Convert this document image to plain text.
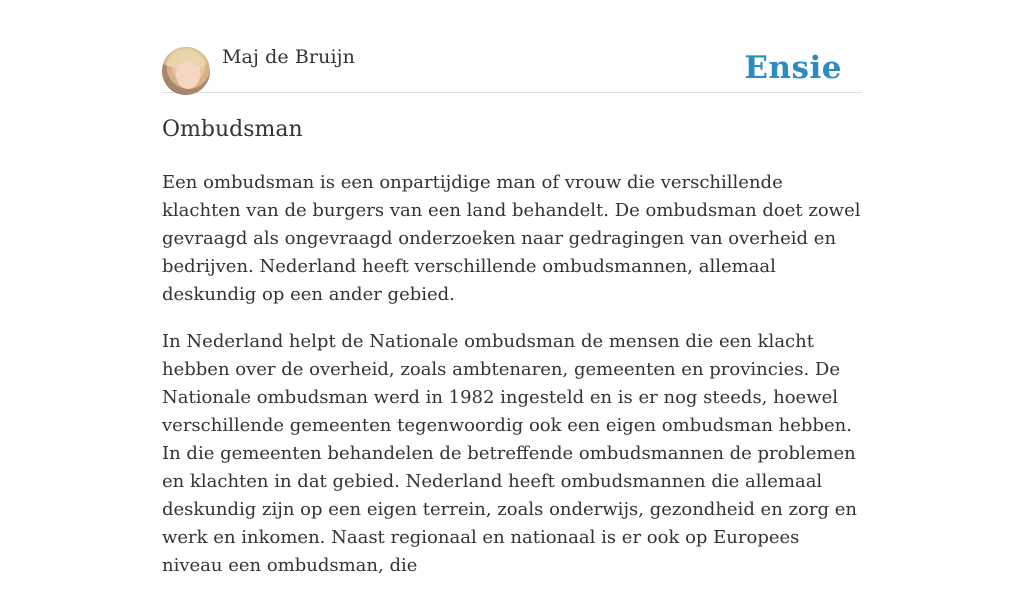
Maj de Bruijn	Ensie
Ombudsman

Een ombudsman is een onpartijdige man of vrouw die verschillende klachten van de burgers van een land behandelt. De ombudsman doet zowel gevraagd als ongevraagd onderzoeken naar gedragingen van overheid en bedrijven. Nederland heeft verschillende ombudsmannen, allemaal deskundig op een ander gebied.

In Nederland helpt de Nationale ombudsman de mensen die een klacht hebben over de overheid, zoals ambtenaren, gemeenten en provincies. De Nationale ombudsman werd in 1982 ingesteld en is er nog steeds, hoewel verschillende gemeenten tegenwoordig ook een eigen ombudsman hebben. In die gemeenten behandelen de betreffende ombudsmannen de problemen en klachten in dat gebied. Nederland heeft ombudsmannen die allemaal deskundig zijn op een eigen terrein, zoals onderwijs, gezondheid en zorg en werk en inkomen. Naast regionaal en nationaal is er ook op Europees niveau een ombudsman, die
